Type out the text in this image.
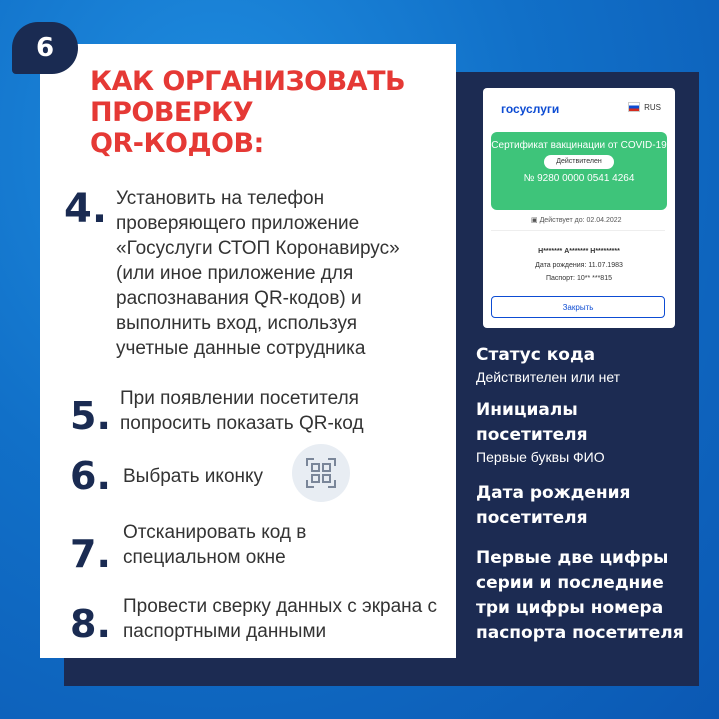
6
КАК ОРГАНИЗОВАТЬ
ПРОВЕРКУ
QR-КОДОВ:
4. Установить на телефон проверяющего приложение «Госуслуги СТОП Коронавирус» (или иное приложение для распознавания QR-кодов) и выполнить вход, используя учетные данные сотрудника
5. При появлении посетителя попросить показать QR-код
6. Выбрать иконку
7. Отсканировать код в специальном окне
8. Провести сверку данных с экрана с паспортными данными
госуслуги	RUS
Сертификат вакцинации от COVID-19
Действителен
№ 9280 0000 0541 4264
▣ Действует до: 02.04.2022
Н******* А******* Н*********
Дата рождения: 11.07.1983
Паспорт: 10** ***815
Закрыть
Статус кода
Действителен или нет
Инициалы посетителя
Первые буквы ФИО
Дата рождения посетителя
Первые две цифры серии и последние три цифры номера паспорта посетителя
